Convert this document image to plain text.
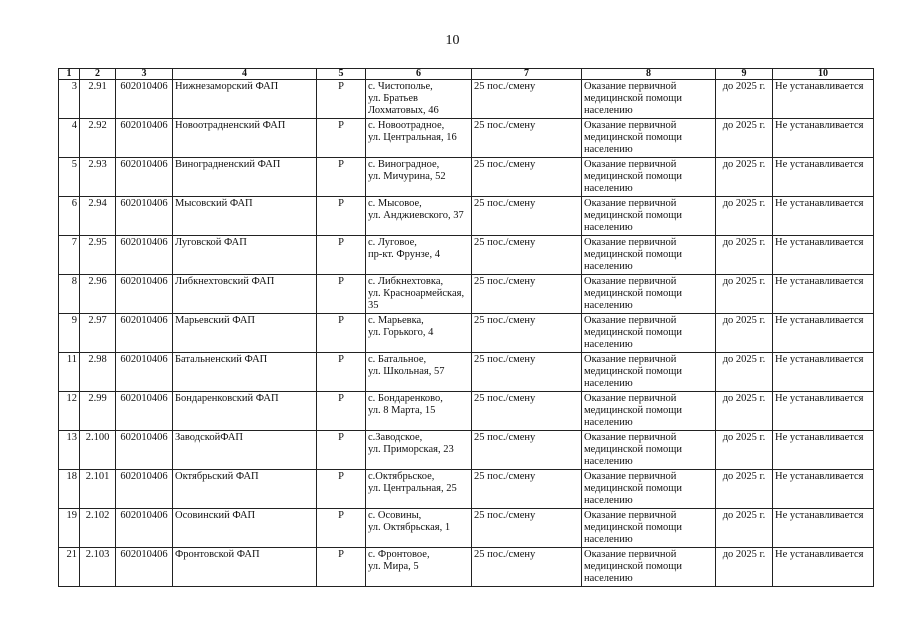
10
1	2	3	4	5	6	7	8	9	10
3	2.91	602010406	Нижнезаморский ФАП	Р	с. Чистополье,
ул. Братьев
Лохматовых, 46	25 пос./смену	Оказание первичной
медицинской помощи
населению	до 2025 г.	Не устанавливается
4	2.92	602010406	Новоотрадненский ФАП	Р	с. Новоотрадное,
ул. Центральная, 16	25 пос./смену	Оказание первичной
медицинской помощи
населению	до 2025 г.	Не устанавливается
5	2.93	602010406	Виноградненский ФАП	Р	с. Виноградное,
ул. Мичурина, 52	25 пос./смену	Оказание первичной
медицинской помощи
населению	до 2025 г.	Не устанавливается
6	2.94	602010406	Мысовский ФАП	Р	с. Мысовое,
ул. Анджиевского, 37	25 пос./смену	Оказание первичной
медицинской помощи
населению	до 2025 г.	Не устанавливается
7	2.95	602010406	Луговской ФАП	Р	с. Луговое,
пр-кт. Фрунзе, 4	25 пос./смену	Оказание первичной
медицинской помощи
населению	до 2025 г.	Не устанавливается
8	2.96	602010406	Либкнехтовский ФАП	Р	с. Либкнехтовка,
ул. Красноармейская,
35	25 пос./смену	Оказание первичной
медицинской помощи
населению	до 2025 г.	Не устанавливается
9	2.97	602010406	Марьевский ФАП	Р	с. Марьевка,
ул. Горького, 4	25 пос./смену	Оказание первичной
медицинской помощи
населению	до 2025 г.	Не устанавливается
11	2.98	602010406	Батальненский ФАП	Р	с. Батальное,
ул. Школьная, 57	25 пос./смену	Оказание первичной
медицинской помощи
населению	до 2025 г.	Не устанавливается
12	2.99	602010406	Бондаренковский ФАП	Р	с. Бондаренково,
ул. 8 Марта, 15	25 пос./смену	Оказание первичной
медицинской помощи
населению	до 2025 г.	Не устанавливается
13	2.100	602010406	ЗаводскойФАП	Р	с.Заводское,
ул. Приморская, 23	25 пос./смену	Оказание первичной
медицинской помощи
населению	до 2025 г.	Не устанавливается
18	2.101	602010406	Октябрьский ФАП	Р	с.Октябрьское,
ул. Центральная, 25	25 пос./смену	Оказание первичной
медицинской помощи
населению	до 2025 г.	Не устанавливается
19	2.102	602010406	Осовинский ФАП	Р	с. Осовины,
ул. Октябрьская, 1	25 пос./смену	Оказание первичной
медицинской помощи
населению	до 2025 г.	Не устанавливается
21	2.103	602010406	Фронтовской ФАП	Р	с. Фронтовое,
ул. Мира, 5	25 пос./смену	Оказание первичной
медицинской помощи
населению	до 2025 г.	Не устанавливается
